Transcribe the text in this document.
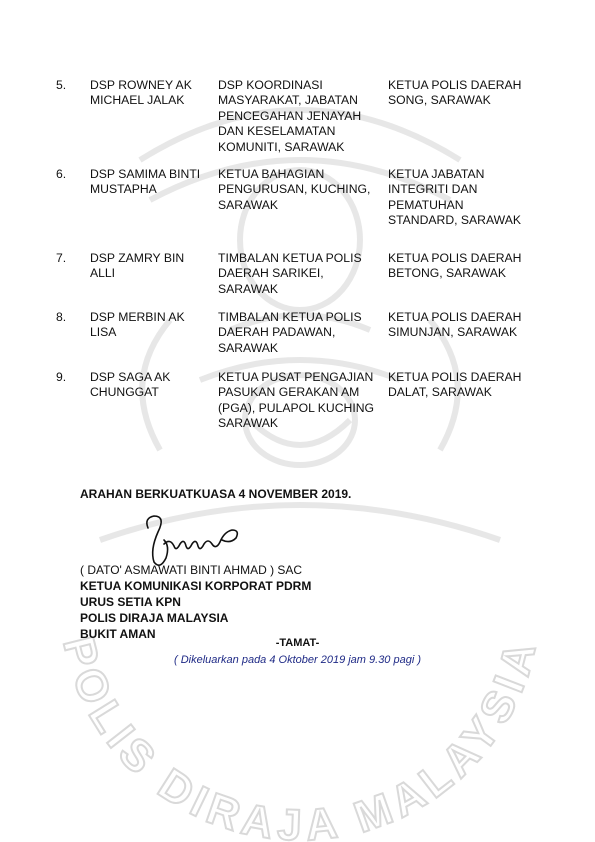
POLIS DIRAJA MALAYSIA
5. DSP ROWNEY AK
MICHAEL JALAK
DSP KOORDINASI
MASYARAKAT, JABATAN
PENCEGAHAN JENAYAH
DAN KESELAMATAN
KOMUNITI, SARAWAK
KETUA POLIS DAERAH
SONG, SARAWAK
6. DSP SAMIMA BINTI
MUSTAPHA
KETUA BAHAGIAN
PENGURUSAN, KUCHING,
SARAWAK
KETUA JABATAN
INTEGRITI DAN
PEMATUHAN
STANDARD, SARAWAK
7. DSP ZAMRY BIN
ALLI
TIMBALAN KETUA POLIS
DAERAH SARIKEI,
SARAWAK
KETUA POLIS DAERAH
BETONG, SARAWAK
8. DSP MERBIN AK
LISA
TIMBALAN KETUA POLIS
DAERAH PADAWAN,
SARAWAK
KETUA POLIS DAERAH
SIMUNJAN, SARAWAK
9. DSP SAGA AK
CHUNGGAT
KETUA PUSAT PENGAJIAN
PASUKAN GERAKAN AM
(PGA), PULAPOL KUCHING
SARAWAK
KETUA POLIS DAERAH
DALAT, SARAWAK
ARAHAN BERKUATKUASA 4 NOVEMBER 2019.
( DATO' ASMAWATI BINTI AHMAD ) SAC
KETUA KOMUNIKASI KORPORAT PDRM
URUS SETIA KPN
POLIS DIRAJA MALAYSIA
BUKIT AMAN
-TAMAT-
( Dikeluarkan pada 4 Oktober 2019 jam 9.30 pagi )
